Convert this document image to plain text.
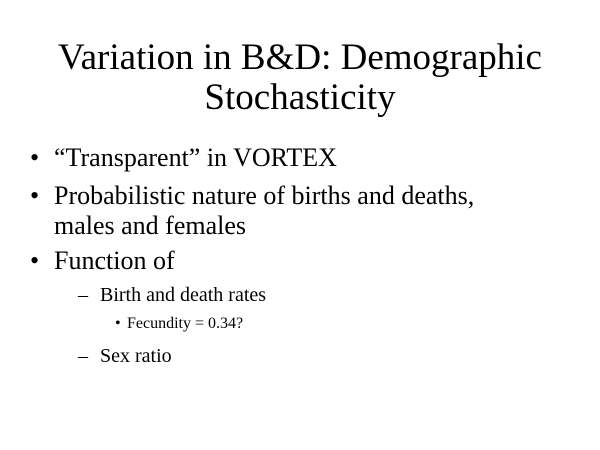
Variation in B&D: Demographic
Stochasticity
• “Transparent” in VORTEX
• Probabilistic nature of births and deaths,
males and females
• Function of
– Birth and death rates
• Fecundity = 0.34?
– Sex ratio
